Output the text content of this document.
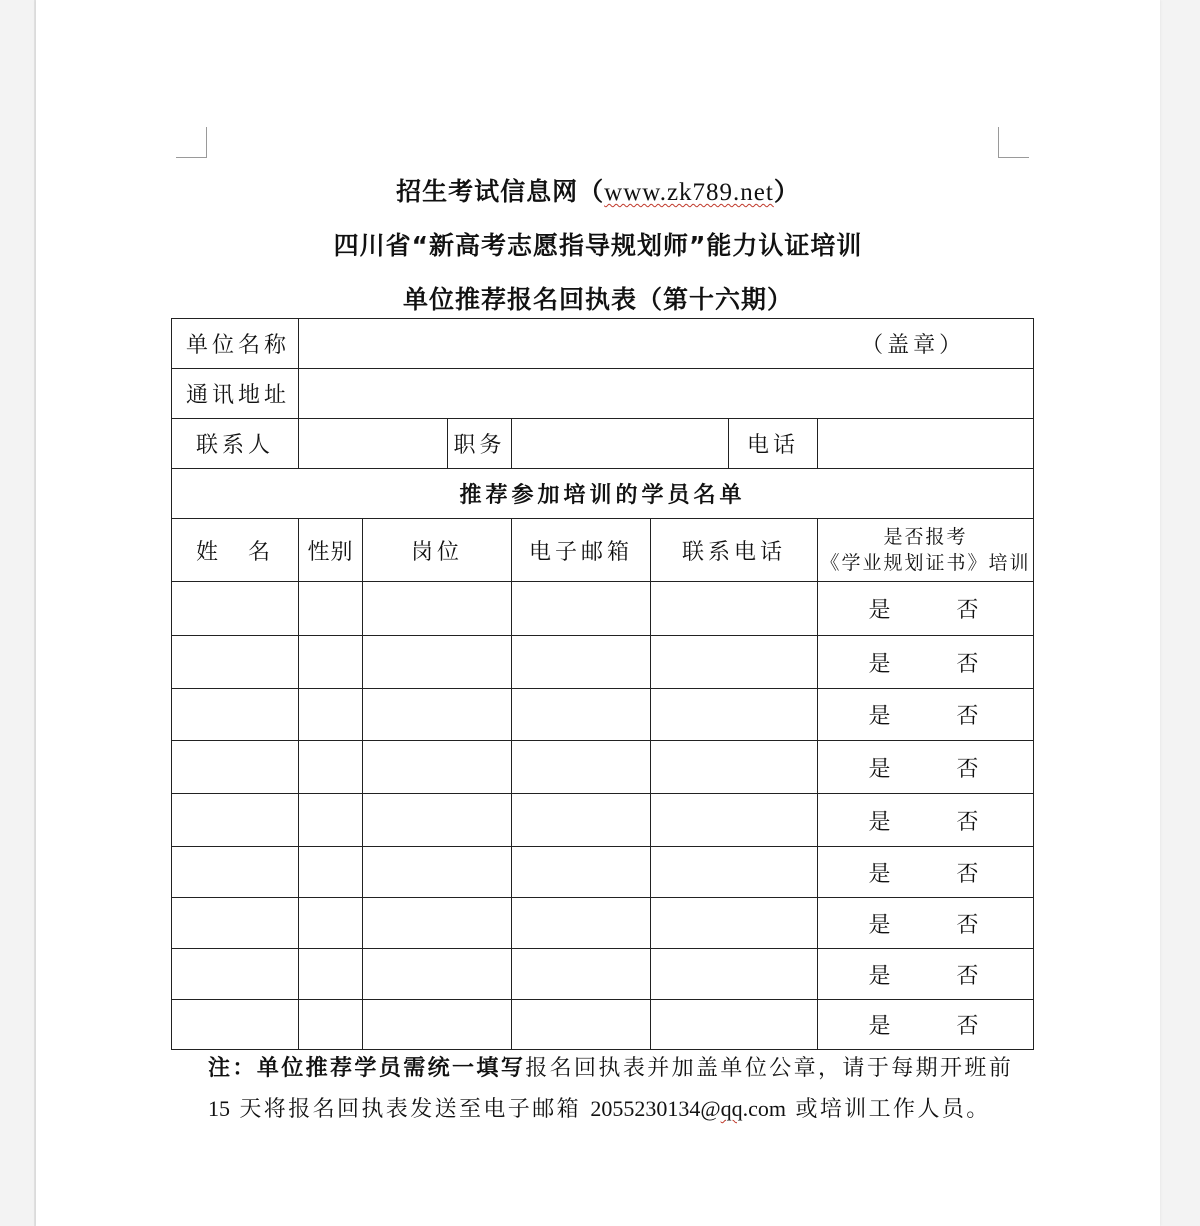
招生考试信息网（www.zk789.net）
四川省“新高考志愿指导规划师”能力认证培训
单位推荐报名回执表（第十六期）
单位名称	（盖章）						
通讯地址							
联系人			职务			电话	
推荐参加培训的学员名单							
姓　名	性别	岗位		电子邮箱	联系电话		是否报考
《学业规划证书》培训

							是 否
							是 否
							是 否
							是 否
							是 否
							是 否
							是 否
							是 否
							是 否
注：单位推荐学员需统一填写报名回执表并加盖单位公章，请于每期开班前
15 天将报名回执表发送至电子邮箱 2055230134@qq.com 或培训工作人员。
